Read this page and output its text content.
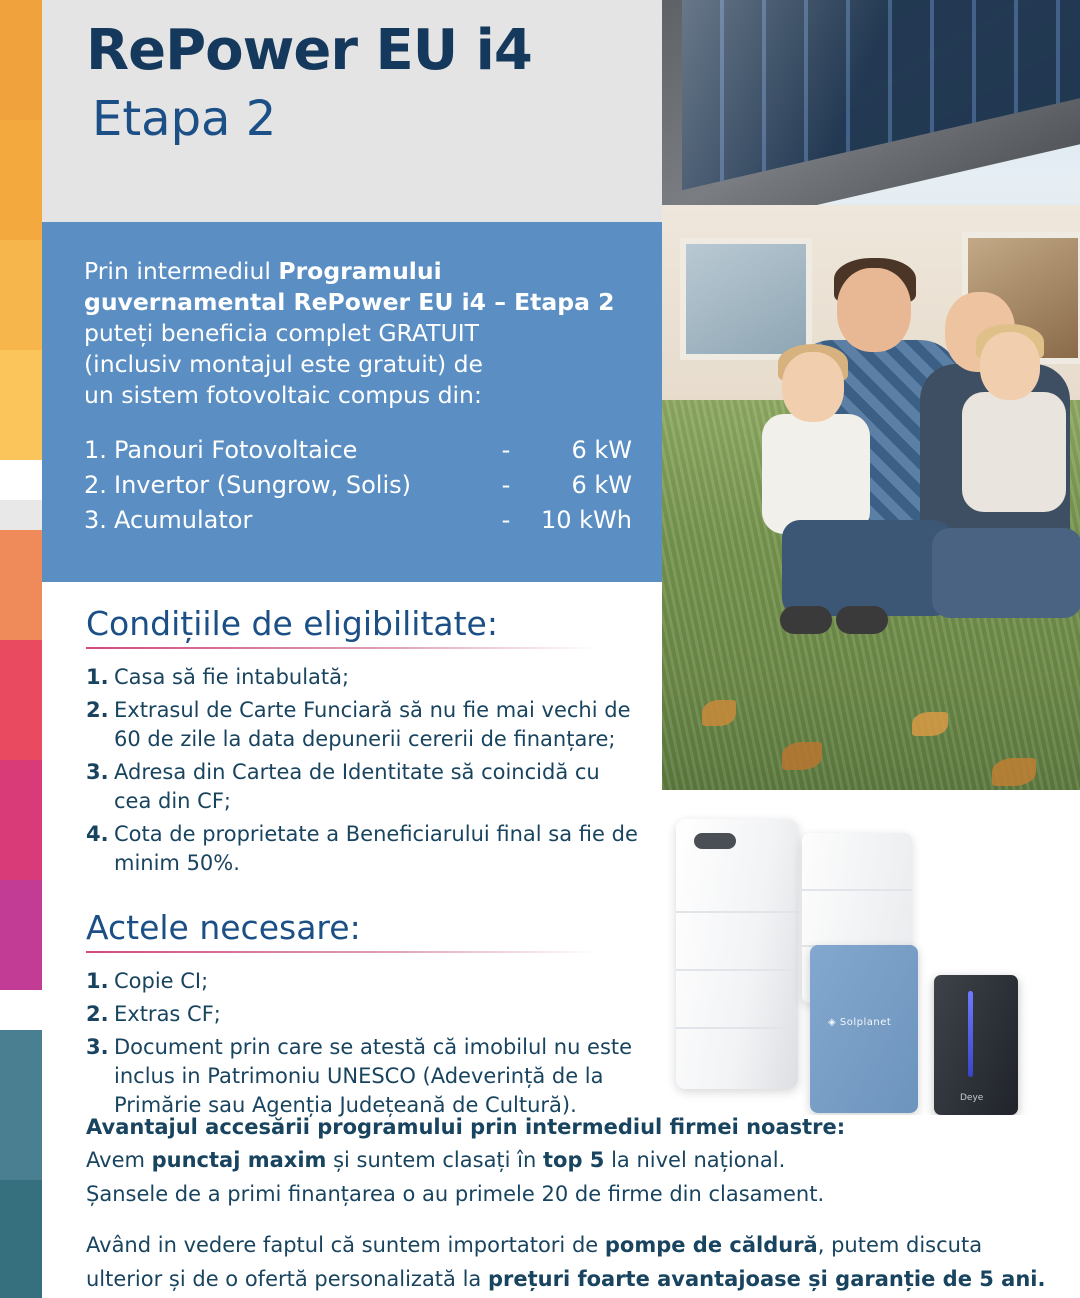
RePower EU i4
Etapa 2

Prin intermediul Programului
guvernamental RePower EU i4 – Etapa 2
puteți beneficia complet GRATUIT
(inclusiv montajul este gratuit) de
un sistem fotovoltaic compus din:

1. Panouri Fotovoltaice	-	6 kW
2. Invertor (Sungrow, Solis)	-	6 kW
3. Acumulator	-	10 kWh
◈ Solplanet
Deye
Condițiile de eligibilitate:
1. Casa să fie intabulată;
2. Extrasul de Carte Funciară să nu fie mai vechi de 60 de zile la data depunerii cererii de finanțare;
3. Adresa din Cartea de Identitate să coincidă cu cea din CF;
4. Cota de proprietate a Beneficiarului final sa fie de minim 50%.
Actele necesare:
1. Copie CI;
2. Extras CF;
3. Document prin care se atestă că imobilul nu este inclus in Patrimoniu UNESCO (Adeverință de la Primărie sau Agenția Județeană de Cultură).

Avantajul accesării programului prin intermediul firmei noastre:

Avem punctaj maxim și suntem clasați în top 5 la nivel național.

Șansele de a primi finanțarea o au primele 20 de firme din clasament.

Având in vedere faptul că suntem importatori de pompe de căldură, putem discuta

ulterior și de o ofertă personalizată la prețuri foarte avantajoase și garanție de 5 ani.
